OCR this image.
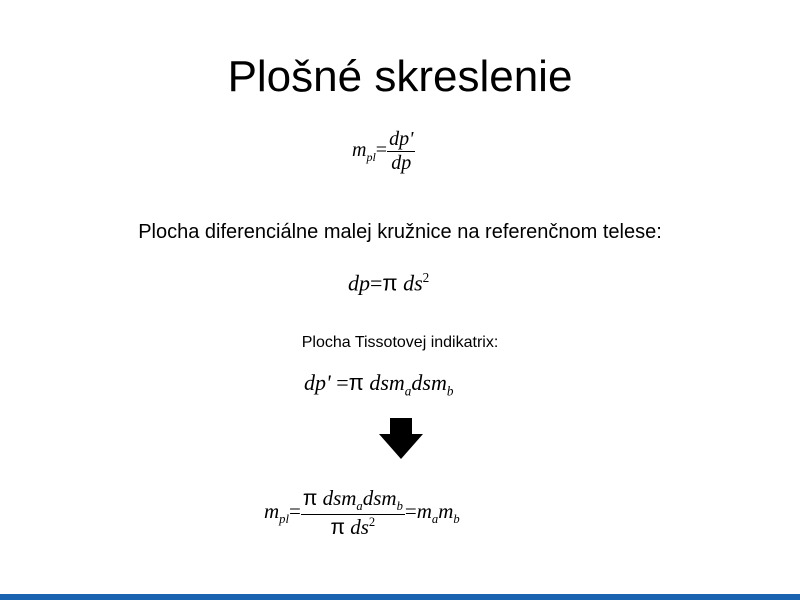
Plošné skreslenie
$m_{pl}= \frac{dp'}{dp}$
Plocha diferenciálne malej kružnice na referenčnom telese:
dp=π $ds^2$
Plocha Tissotovej indikatrix:
dp' =π dsm$_a$dsm$_b$
$m_{pl}= \frac{\pi dsm_adsm_b}{\pi ds^2} =m_am_b$
